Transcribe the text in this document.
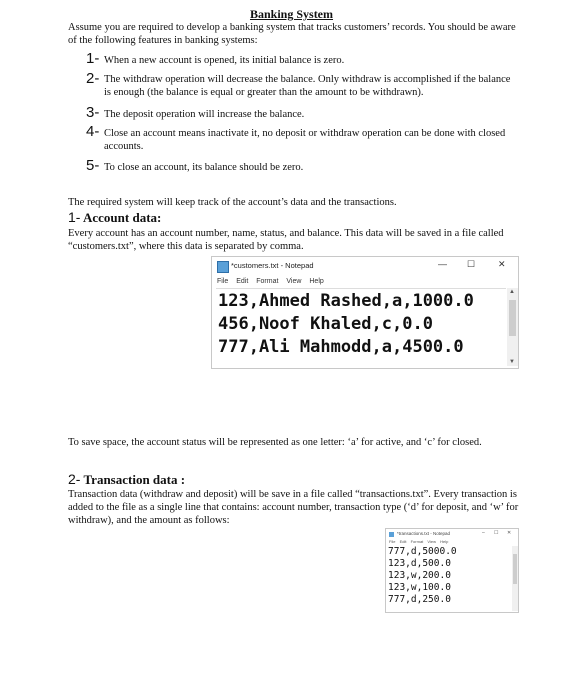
Banking System
Assume you are required to develop a banking system that tracks customers’ records. You should be aware of the following features in banking systems:
1- When a new account is opened, its initial balance is zero.
2- The withdraw operation will decrease the balance. Only withdraw is accomplished if the balance is enough (the balance is equal or greater than the amount to be withdrawn).
3- The deposit operation will increase the balance.
4- Close an account means inactivate it, no deposit or withdraw operation can be done with closed accounts.
5- To close an account, its balance should be zero.
The required system will keep track of the account’s data and the transactions.
1- Account data:
Every account has an account number, name, status, and balance. This data will be saved in a file called “customers.txt”, where this data is separated by comma.
*customers.txt - Notepad	— ☐	✕
File Edit Format View Help
123,Ahmed Rashed,a,1000.0
456,Noof Khaled,c,0.0
777,Ali Mahmodd,a,4500.0
▲
▼
To save space, the account status will be represented as one letter: ‘a’ for active, and ‘c’ for closed.
2- Transaction data :
Transaction data (withdraw and deposit) will be save in a file called “transactions.txt”. Every transaction is added to the file as a single line that contains: account number, transaction type (‘d’ for deposit, and ‘w’ for withdraw), and the amount as follows:
*transactions.txt - Notepad	– ☐ ✕
File Edit Format View Help
777,d,5000.0
123,d,500.0
123,w,200.0
123,w,100.0
777,d,250.0
